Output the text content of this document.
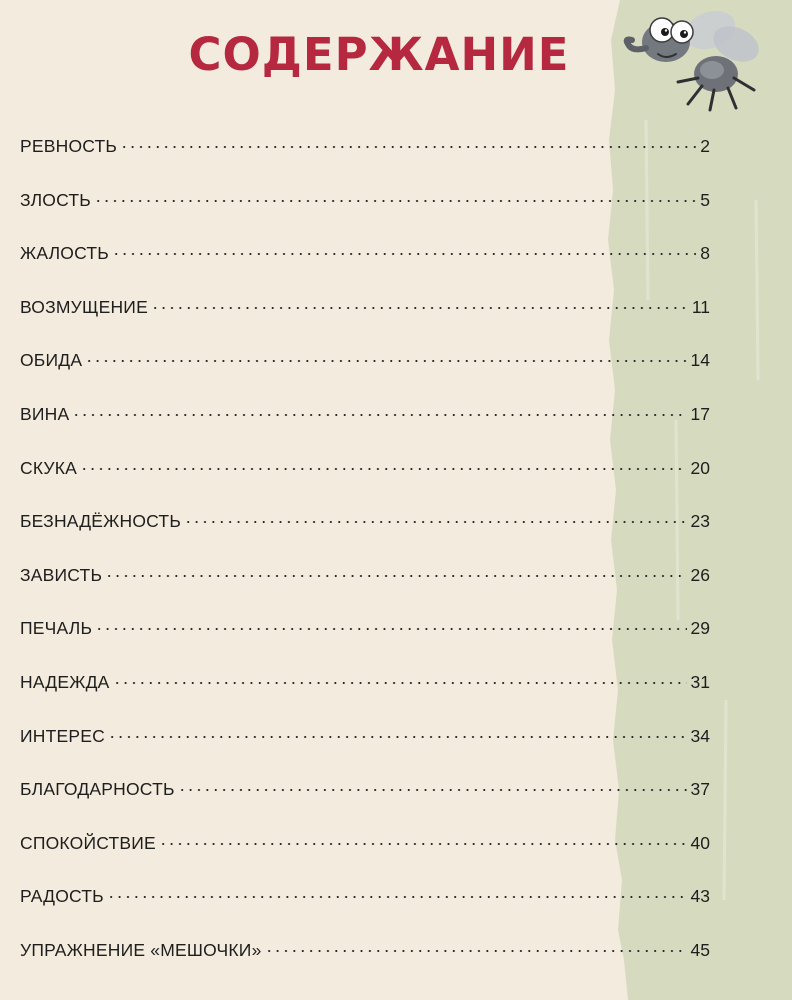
СОДЕРЖАНИЕ
РЕВНОСТЬ	2
ЗЛОСТЬ	5
ЖАЛОСТЬ	8
ВОЗМУЩЕНИЕ	11
ОБИДА	14
ВИНА	17
СКУКА	20
БЕЗНАДЁЖНОСТЬ	23
ЗАВИСТЬ	26
ПЕЧАЛЬ	29
НАДЕЖДА	31
ИНТЕРЕС	34
БЛАГОДАРНОСТЬ	37
СПОКОЙСТВИЕ	40
РАДОСТЬ	43
УПРАЖНЕНИЕ «МЕШОЧКИ»	45
